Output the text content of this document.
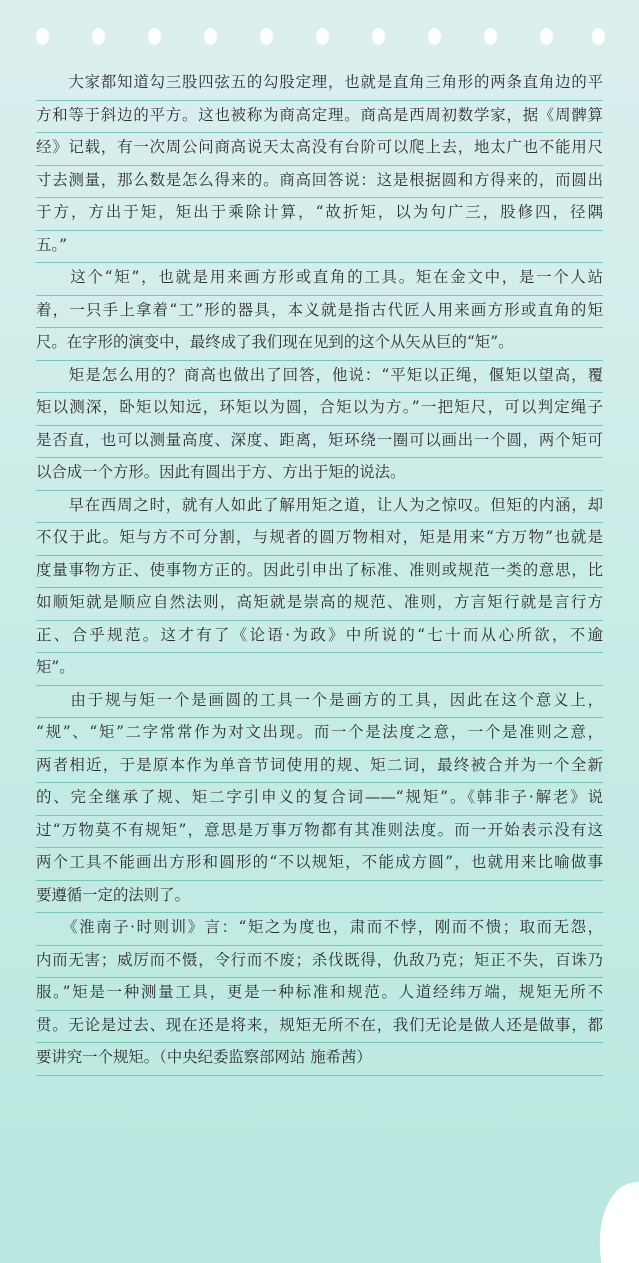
　　大家都知道勾三股四弦五的勾股定理，也就是直角三角形的两条直角边的平
方和等于斜边的平方。这也被称为商高定理。商高是西周初数学家，据《周髀算
经》记载，有一次周公问商高说天太高没有台阶可以爬上去，地太广也不能用尺
寸去测量，那么数是怎么得来的。商高回答说：这是根据圆和方得来的，而圆出
于方，方出于矩，矩出于乘除计算，“故折矩，以为句广三，股修四，径隅
五。”
　　这个“矩”，也就是用来画方形或直角的工具。矩在金文中，是一个人站
着，一只手上拿着“工”形的器具，本义就是指古代匠人用来画方形或直角的矩
尺。在字形的演变中，最终成了我们现在见到的这个从矢从巨的“矩”。
　　矩是怎么用的？商高也做出了回答，他说：“平矩以正绳，偃矩以望高，覆
矩以测深，卧矩以知远，环矩以为圆，合矩以为方。”一把矩尺，可以判定绳子
是否直，也可以测量高度、深度、距离，矩环绕一圈可以画出一个圆，两个矩可
以合成一个方形。因此有圆出于方、方出于矩的说法。
　　早在西周之时，就有人如此了解用矩之道，让人为之惊叹。但矩的内涵，却
不仅于此。矩与方不可分割，与规者的圆万物相对，矩是用来“方万物”也就是
度量事物方正、使事物方正的。因此引申出了标准、准则或规范一类的意思，比
如顺矩就是顺应自然法则，高矩就是崇高的规范、准则，方言矩行就是言行方
正、合乎规范。这才有了《论语·为政》中所说的“七十而从心所欲，不逾
矩”。
　　由于规与矩一个是画圆的工具一个是画方的工具，因此在这个意义上，
“规”、“矩”二字常常作为对文出现。而一个是法度之意，一个是准则之意，
两者相近，于是原本作为单音节词使用的规、矩二词，最终被合并为一个全新
的、完全继承了规、矩二字引申义的复合词——“规矩”。《韩非子·解老》说
过“万物莫不有规矩”，意思是万事万物都有其准则法度。而一开始表示没有这
两个工具不能画出方形和圆形的“不以规矩，不能成方圆”，也就用来比喻做事
要遵循一定的法则了。
　　《淮南子·时则训》言：“矩之为度也，肃而不悖，刚而不愦；取而无怨，
内而无害；威厉而不慑，令行而不废；杀伐既得，仇敌乃克；矩正不失，百诛乃
服。”矩是一种测量工具，更是一种标准和规范。人道经纬万端，规矩无所不
贯。无论是过去、现在还是将来，规矩无所不在，我们无论是做人还是做事，都
要讲究一个规矩。（中央纪委监察部网站 施希茜）
